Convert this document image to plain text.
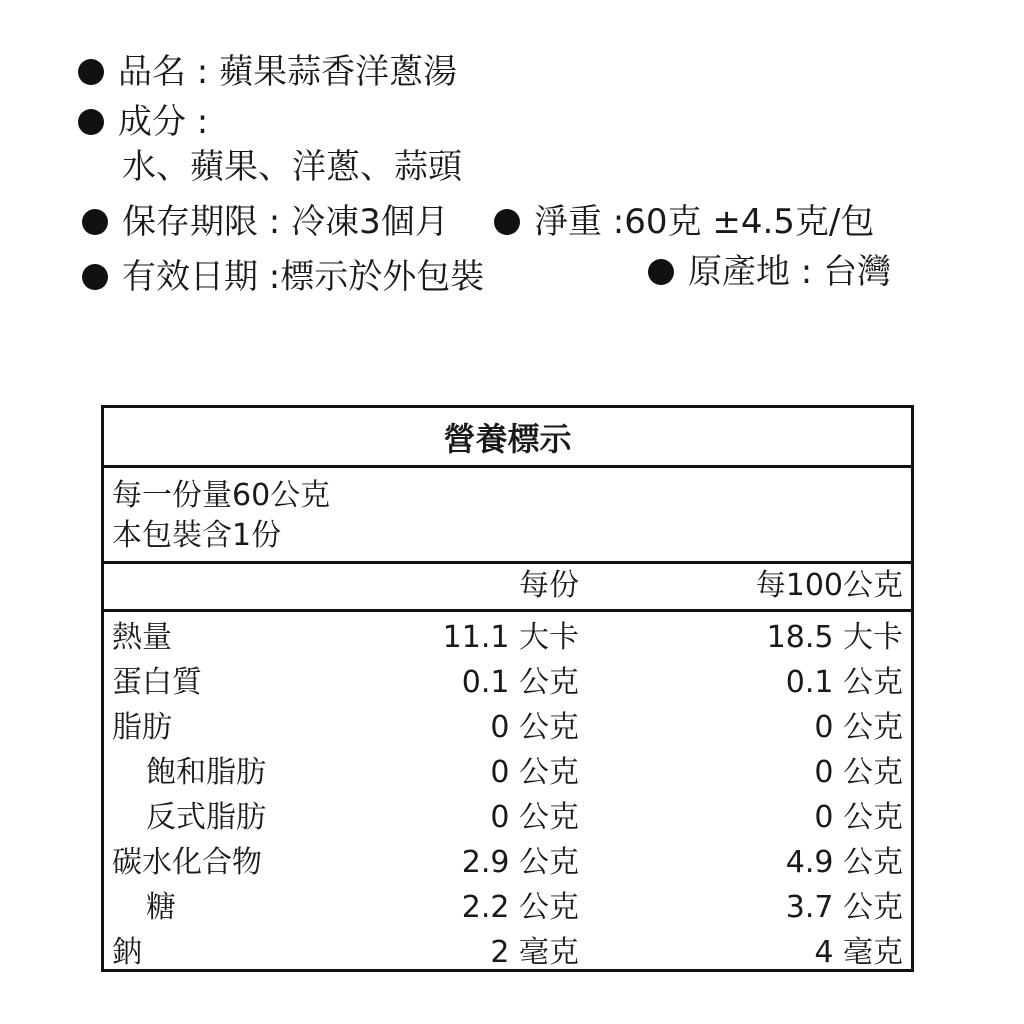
品名 : 蘋果蒜香洋蔥湯
成分 :
水、蘋果、洋蔥、蒜頭
保存期限 : 冷凍3個月	淨重 :60克 ±4.5克/包
有效日期 :標示於外包裝	原產地 : 台灣
營養標示
每一份量60公克
本包裝含1份
每份	每100公克
熱量	11.1 大卡	18.5 大卡
蛋白質	0.1 公克	0.1 公克
脂肪	0 公克	0 公克
飽和脂肪	0 公克	0 公克
反式脂肪	0 公克	0 公克
碳水化合物	2.9 公克	4.9 公克
糖	2.2 公克	3.7 公克
鈉	2 毫克	4 毫克
